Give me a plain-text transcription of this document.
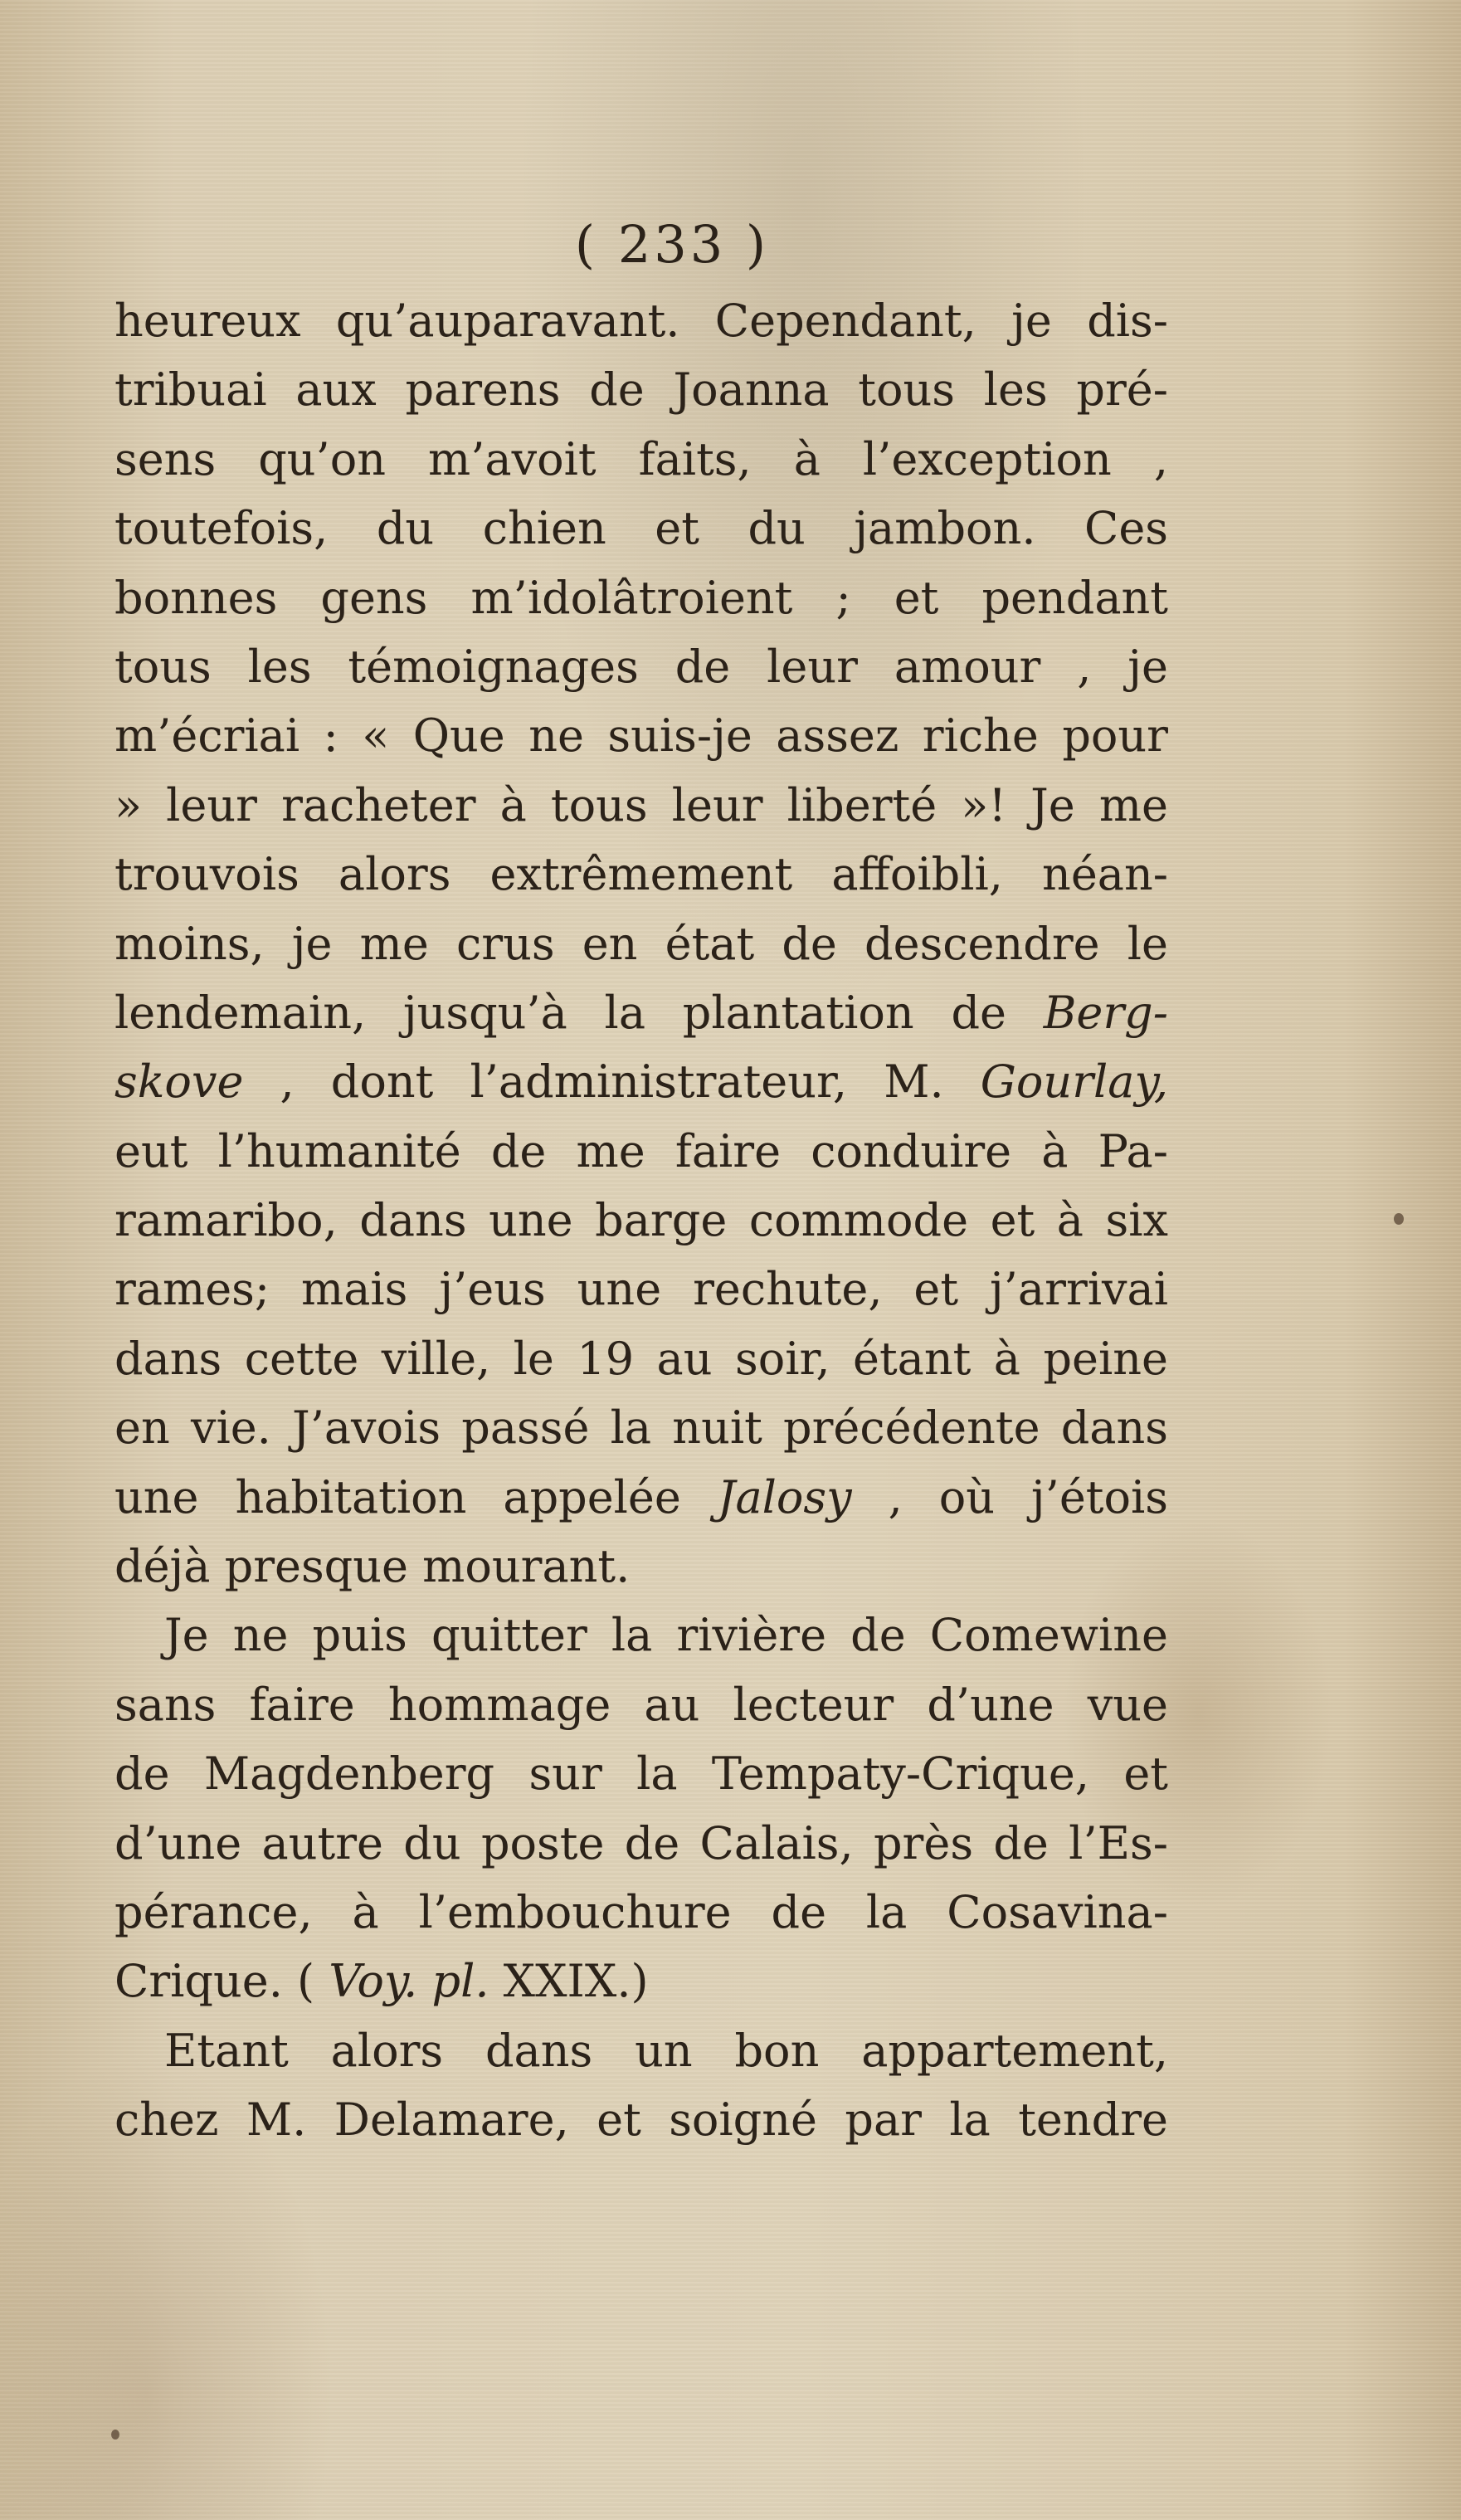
( 233 )
heureux qu’auparavant. Cependant, je dis-
tribuai aux parens de Joanna tous les pré-
sens qu’on m’avoit faits, à l’exception ,
toutefois, du chien et du jambon. Ces
bonnes gens m’idolâtroient ; et pendant
tous les témoignages de leur amour , je
m’écriai : « Que ne suis-je assez riche pour
» leur racheter à tous leur liberté »! Je me
trouvois alors extrêmement affoibli, néan-
moins, je me crus en état de descendre le
lendemain, jusqu’à la plantation de Berg-
skove , dont l’administrateur, M. Gourlay,
eut l’humanité de me faire conduire à Pa-
ramaribo, dans une barge commode et à six
rames; mais j’eus une rechute, et j’arrivai
dans cette ville, le 19 au soir, étant à peine
en vie. J’avois passé la nuit précédente dans
une habitation appelée Jalosy , où j’étois
déjà presque mourant.
Je ne puis quitter la rivière de Comewine
sans faire hommage au lecteur d’une vue
de Magdenberg sur la Tempaty-Crique, et
d’une autre du poste de Calais, près de l’Es-
pérance, à l’embouchure de la Cosavina-
Crique. ( Voy. pl. XXIX.)
Etant alors dans un bon appartement,
chez M. Delamare, et soigné par la tendre
